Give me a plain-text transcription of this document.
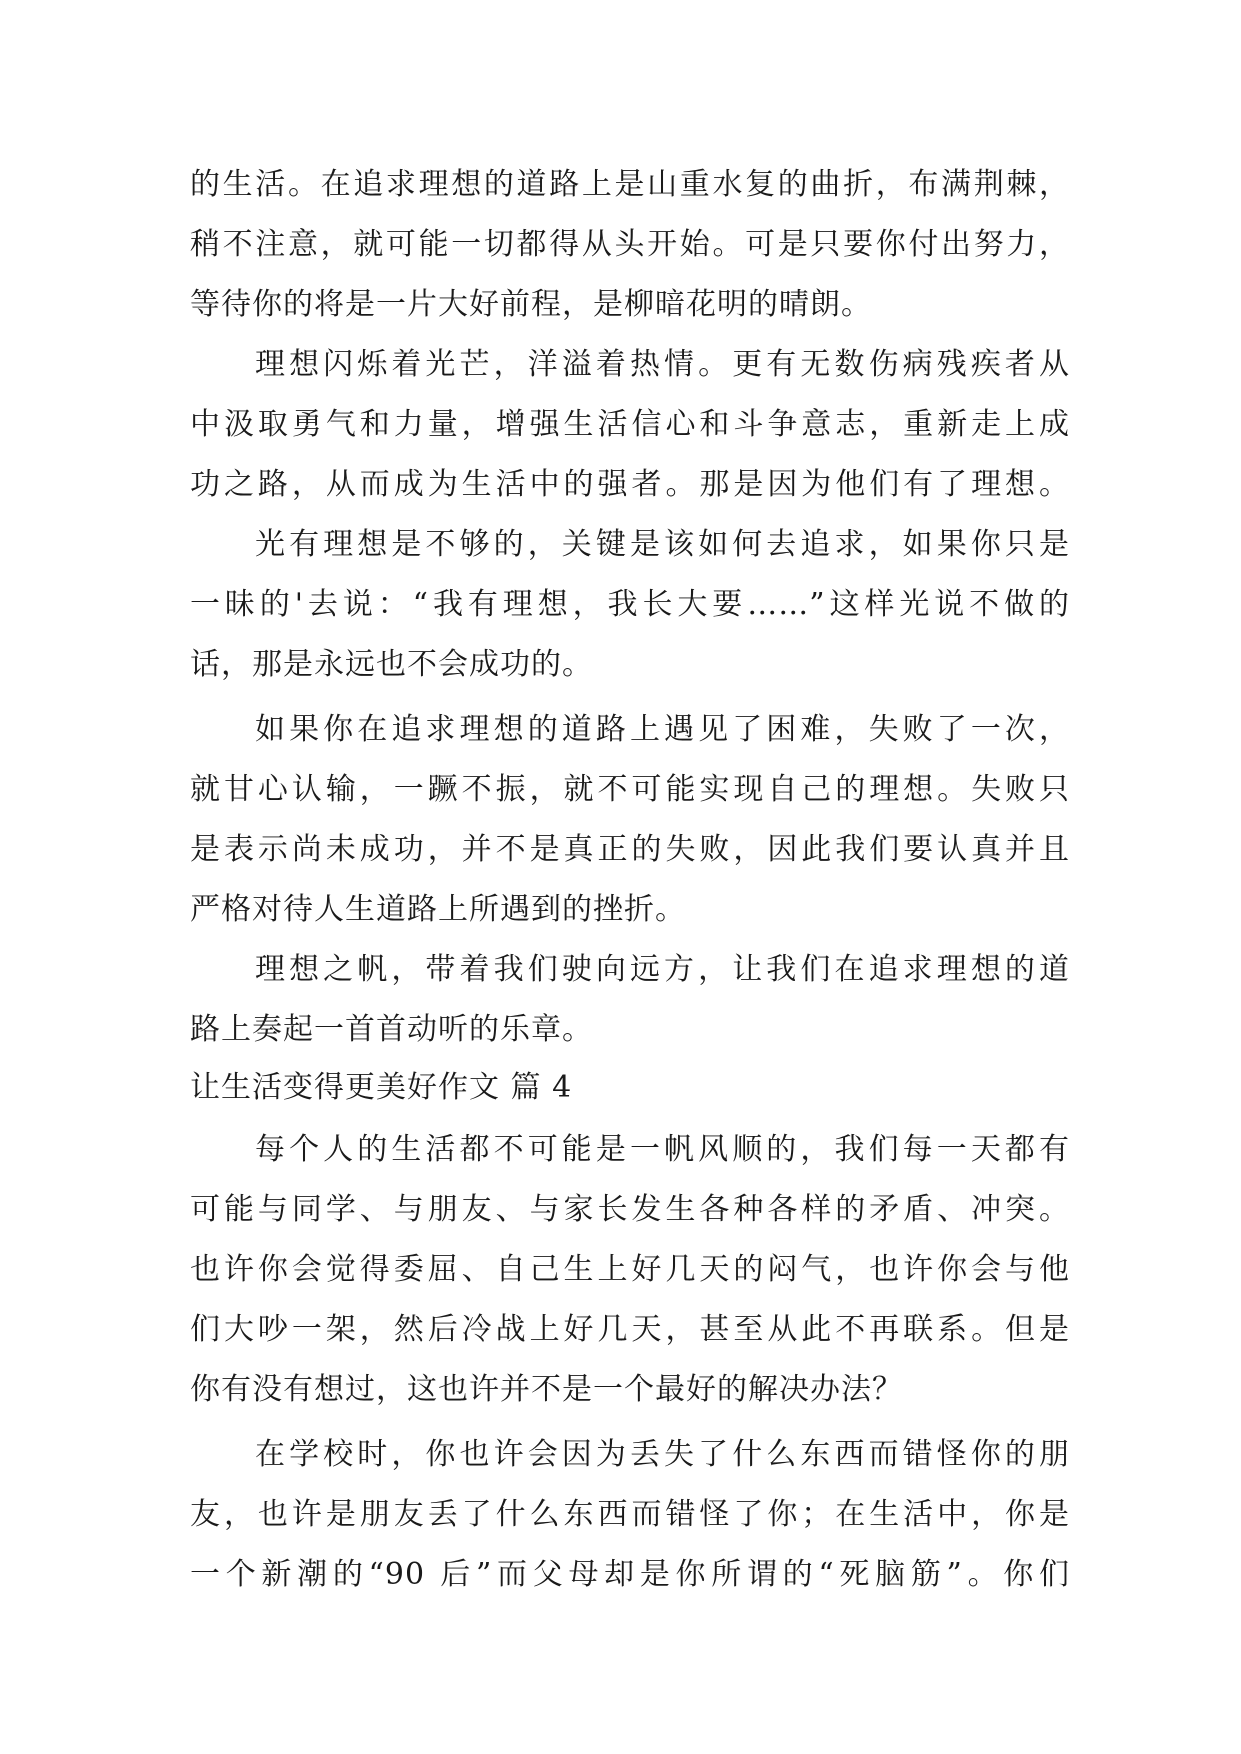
的生活。在追求理想的道路上是山重水复的曲折，布满荆棘，
稍不注意，就可能一切都得从头开始。可是只要你付出努力，
等待你的将是一片大好前程，是柳暗花明的晴朗。
理想闪烁着光芒，洋溢着热情。更有无数伤病残疾者从
中汲取勇气和力量，增强生活信心和斗争意志，重新走上成
功之路，从而成为生活中的强者。那是因为他们有了理想。
光有理想是不够的，关键是该如何去追求，如果你只是
一昧的'去说：“我有理想，我长大要……”这样光说不做的
话，那是永远也不会成功的。
如果你在追求理想的道路上遇见了困难，失败了一次，
就甘心认输，一蹶不振，就不可能实现自己的理想。失败只
是表示尚未成功，并不是真正的失败，因此我们要认真并且
严格对待人生道路上所遇到的挫折。
理想之帆，带着我们驶向远方，让我们在追求理想的道
路上奏起一首首动听的乐章。
让生活变得更美好作文 篇 4
每个人的生活都不可能是一帆风顺的，我们每一天都有
可能与同学、与朋友、与家长发生各种各样的矛盾、冲突。
也许你会觉得委屈、自己生上好几天的闷气，也许你会与他
们大吵一架，然后冷战上好几天，甚至从此不再联系。但是
你有没有想过，这也许并不是一个最好的解决办法？
在学校时，你也许会因为丢失了什么东西而错怪你的朋
友，也许是朋友丢了什么东西而错怪了你；在生活中，你是
一个新潮的“90 后”而父母却是你所谓的“死脑筋”。你们
